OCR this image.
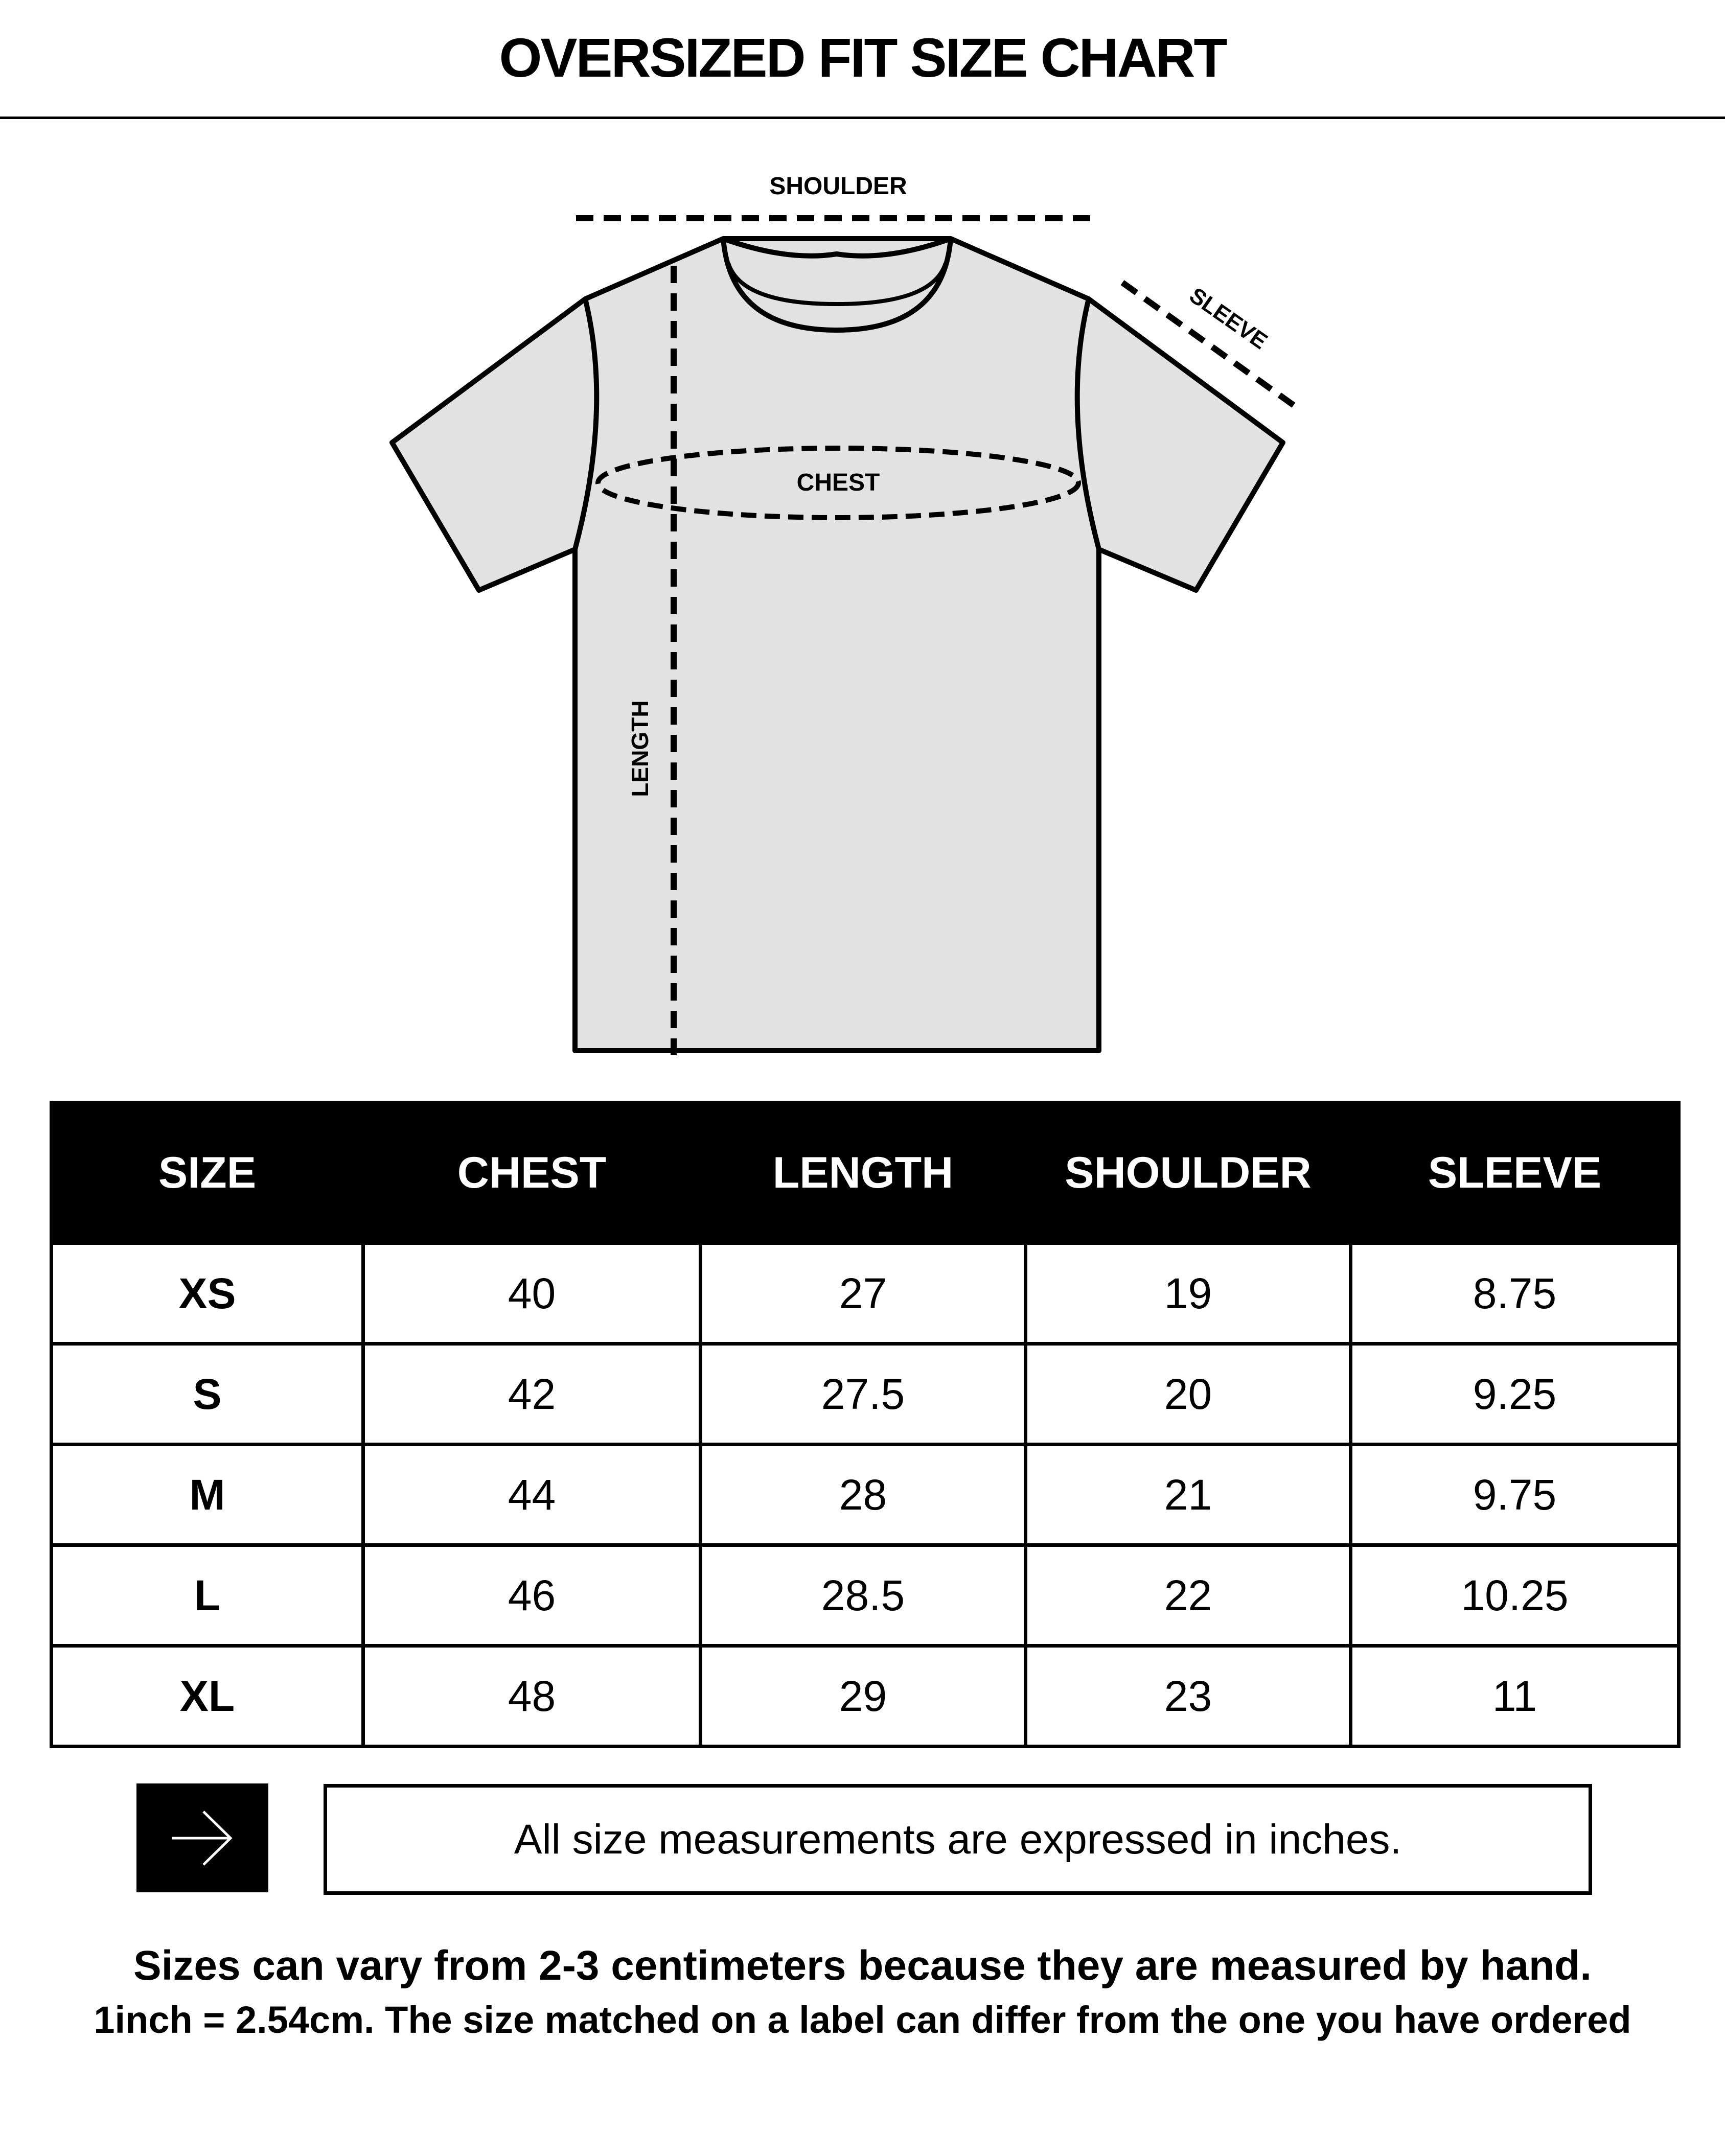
OVERSIZED FIT SIZE CHART
SHOULDER
SLEEVE
CHEST
LENGTH
SIZE	CHEST	LENGTH	SHOULDER	SLEEVE
XS	40	27	19	8.75
S	42	27.5	20	9.25
M	44	28	21	9.75
L	46	28.5	22	10.25
XL	48	29	23	11
All size measurements are expressed in inches.
Sizes can vary from 2-3 centimeters because they are measured by hand.
1inch = 2.54cm. The size matched on a label can differ from the one you have ordered
